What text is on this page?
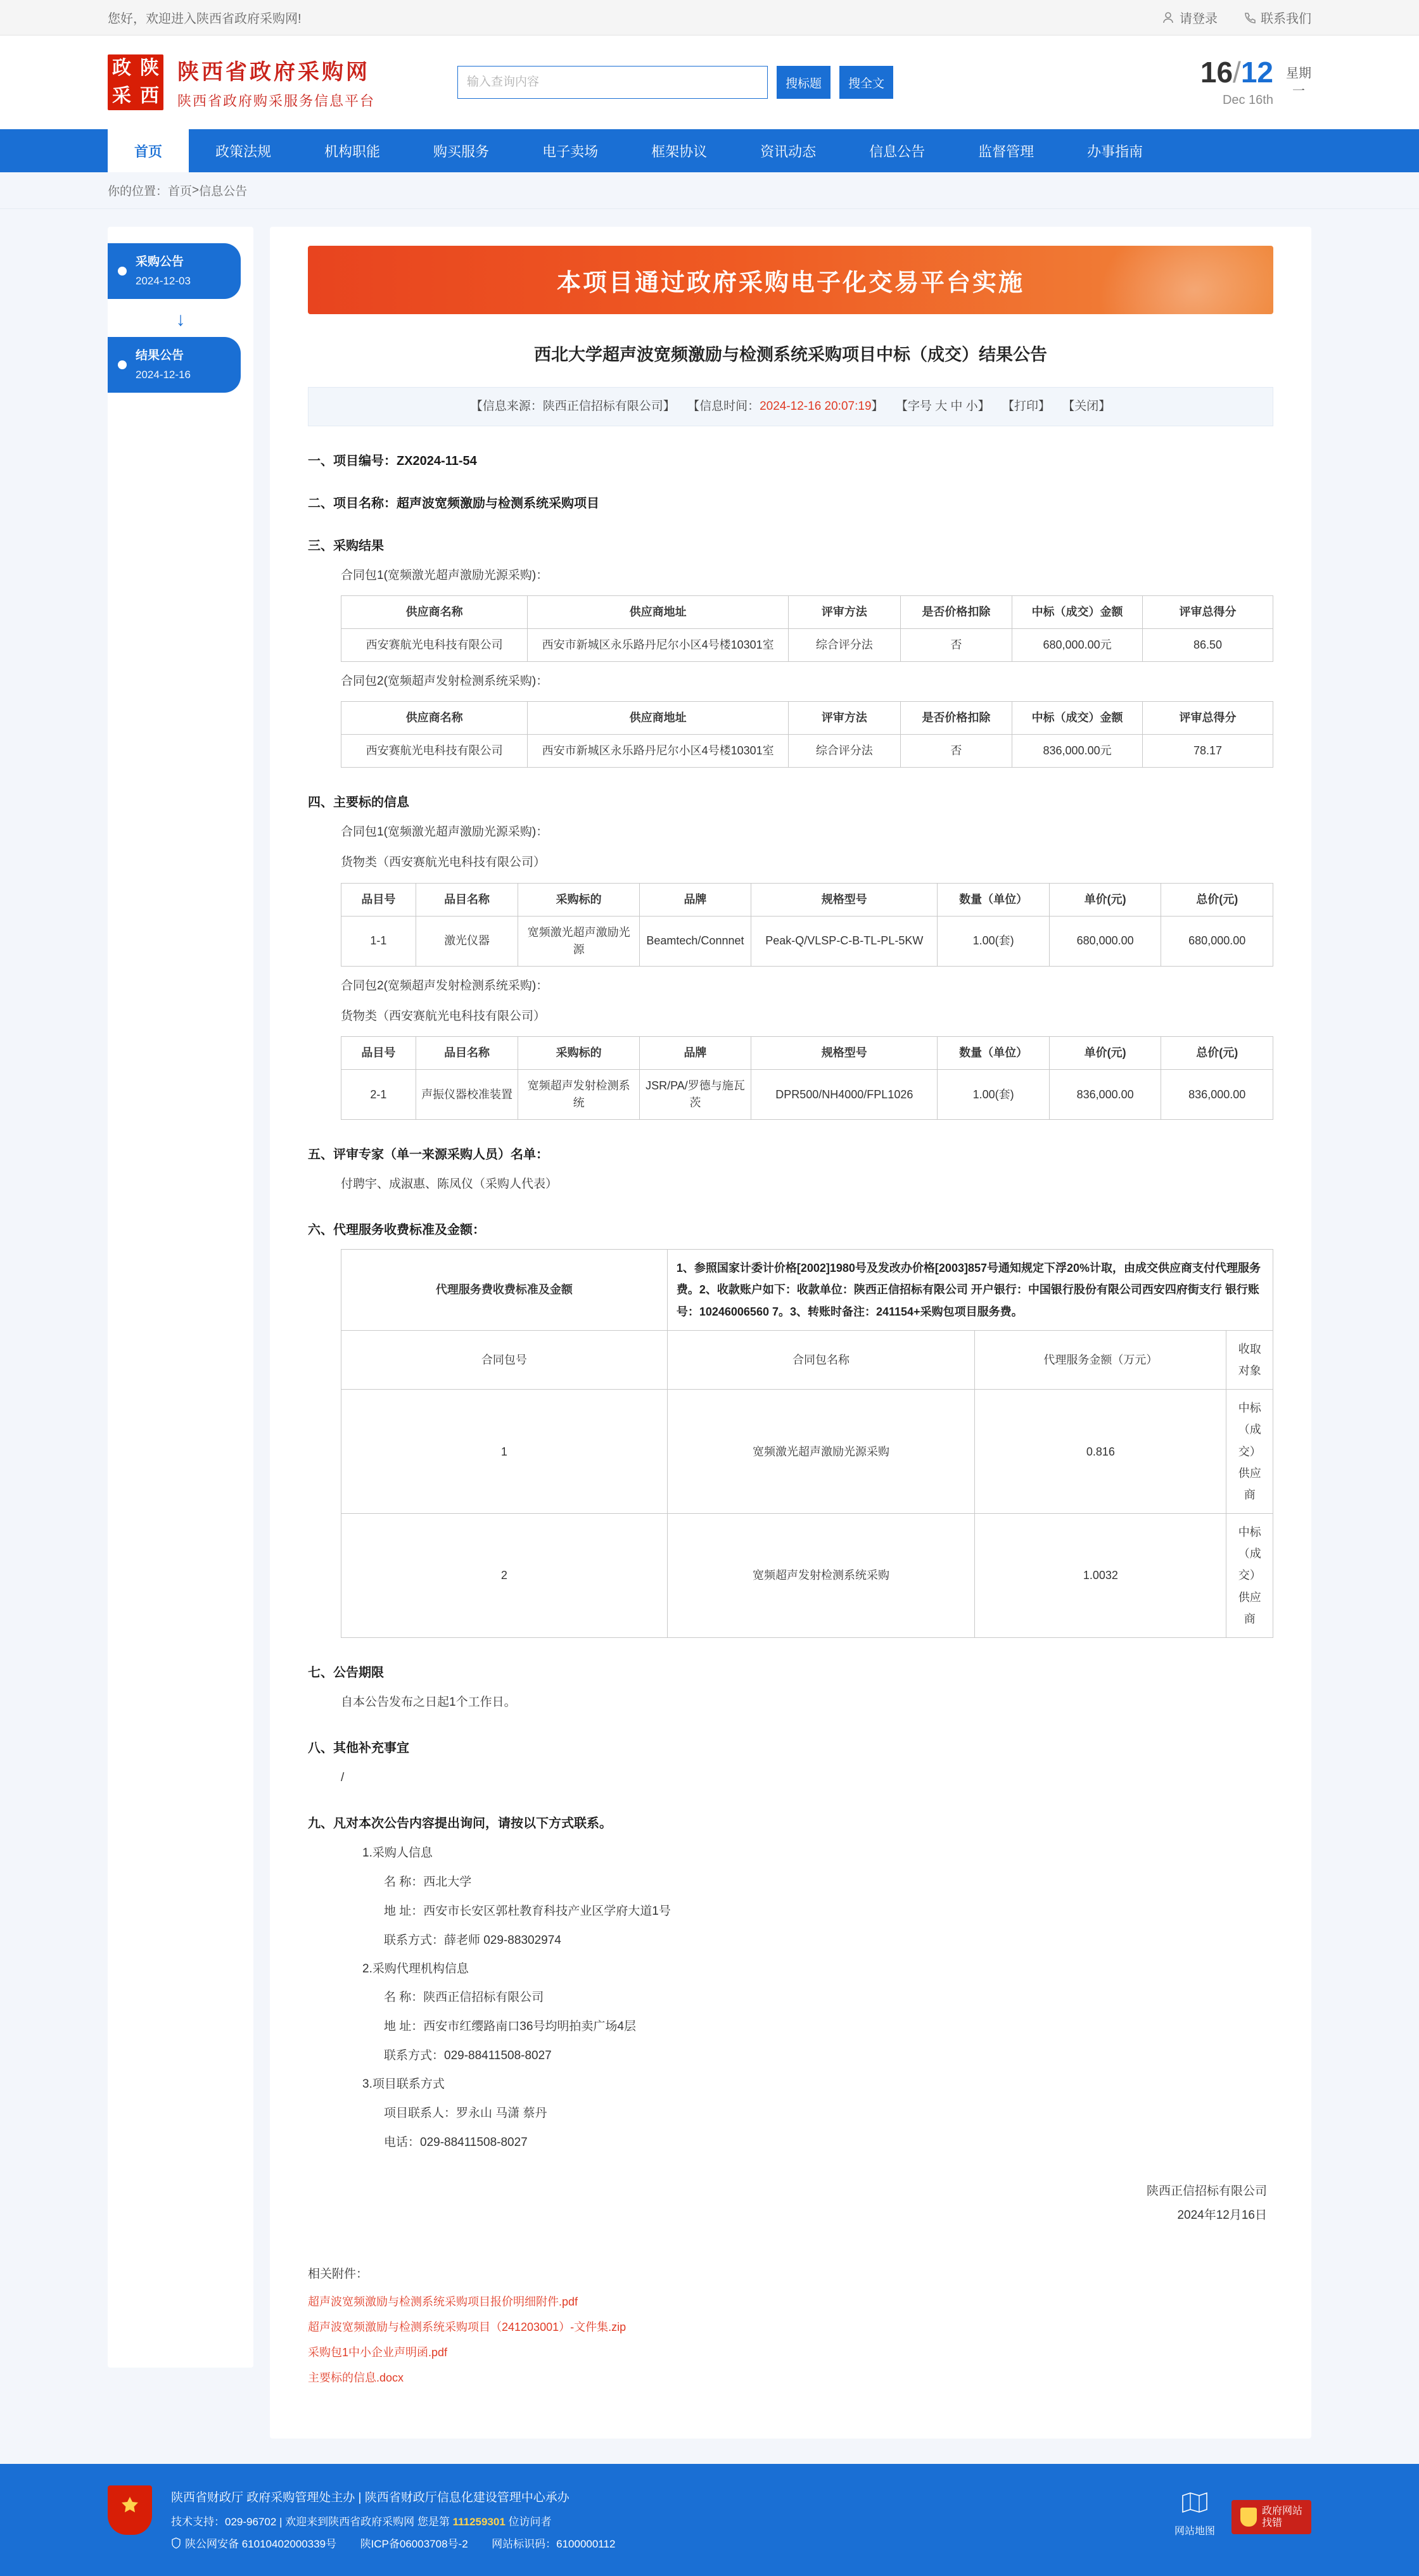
您好，欢迎进入陕西省政府采购网!	请登录	联系我们
政 陕
采 西
陕西省政府采购网
陕西省政府购采服务信息平台
输入查询内容
搜标题	搜全文	16/12
Dec 16th
星期
一
首页	政策法规	机构职能	购买服务	电子卖场	框架协议	资讯动态	信息公告	监督管理	办事指南
你的位置： 首页 > 信息公告
采购公告
2024-12-03
↓
结果公告
2024-12-16
本项目通过政府采购电子化交易平台实施
西北大学超声波宽频激励与检测系统采购项目中标（成交）结果公告
【信息来源：陕西正信招标有限公司】 【信息时间：2024-12-16 20:07:19】 【字号 大 中 小】 【打印】 【关闭】
一、项目编号：ZX2024-11-54
二、项目名称：超声波宽频激励与检测系统采购项目
三、采购结果
合同包1(宽频激光超声激励光源采购)：
供应商名称	供应商地址	评审方法	是否价格扣除	中标（成交）金额	评审总得分
西安赛航光电科技有限公司	西安市新城区永乐路丹尼尔小区4号楼10301室	综合评分法	否	680,000.00元	86.50
合同包2(宽频超声发射检测系统采购)：
供应商名称	供应商地址	评审方法	是否价格扣除	中标（成交）金额	评审总得分
西安赛航光电科技有限公司	西安市新城区永乐路丹尼尔小区4号楼10301室	综合评分法	否	836,000.00元	78.17
四、主要标的信息
合同包1(宽频激光超声激励光源采购)：
货物类（西安赛航光电科技有限公司）
品目号	品目名称	采购标的	品牌	规格型号	数量（单位）	单价(元)	总价(元)
1-1	激光仪器	宽频激光超声激励光源	Beamtech/Connnet	Peak-Q/VLSP-C-B-TL-PL-5KW	1.00(套)	680,000.00	680,000.00
合同包2(宽频超声发射检测系统采购)：
货物类（西安赛航光电科技有限公司）
品目号	品目名称	采购标的	品牌	规格型号	数量（单位）	单价(元)	总价(元)
2-1	声振仪器校准装置	宽频超声发射检测系统	JSR/PA/罗德与施瓦茨	DPR500/NH4000/FPL1026	1.00(套)	836,000.00	836,000.00
五、评审专家（单一来源采购人员）名单：
付聘宇、成淑惠、陈凤仪（采购人代表）
六、代理服务收费标准及金额：
代理服务费收费标准及金额	1、参照国家计委计价格[2002]1980号及发改办价格[2003]857号通知规定下浮20%计取，由成交供应商支付代理服务费。2、收款账户如下：收款单位：陕西正信招标有限公司 开户银行：中国银行股份有限公司西安四府街支行 银行账号：10246006560 7。3、转账时备注：241154+采购包项目服务费。		
合同包号	合同包名称	代理服务金额（万元）	收取对象
1	宽频激光超声激励光源采购	0.816	中标（成交）供应商
2	宽频超声发射检测系统采购	1.0032	中标（成交）供应商
七、公告期限
自本公告发布之日起1个工作日。
八、其他补充事宜
/
九、凡对本次公告内容提出询问，请按以下方式联系。
1.采购人信息
名 称：西北大学
地 址：西安市长安区郭杜教育科技产业区学府大道1号
联系方式：薛老师 029-88302974
2.采购代理机构信息
名 称：陕西正信招标有限公司
地 址：西安市红缨路南口36号均明拍卖广场4层
联系方式：029-88411508-8027
3.项目联系方式
项目联系人：罗永山 马潇 蔡丹
电话：029-88411508-8027
陕西正信招标有限公司
2024年12月16日
相关附件：
超声波宽频激励与检测系统采购项目报价明细附件.pdf
超声波宽频激励与检测系统采购项目（241203001）-文件集.zip
采购包1中小企业声明函.pdf
主要标的信息.docx
陕西省财政厅 政府采购管理处主办 | 陕西省财政厅信息化建设管理中心承办
技术支持：029-96702 | 欢迎来到陕西省政府采购网 您是第 111259301 位访问者
陕公网安备 61010402000339号 陕ICP备06003708号-2 网站标识码：6100000112
网站地图
政府网站
找错
